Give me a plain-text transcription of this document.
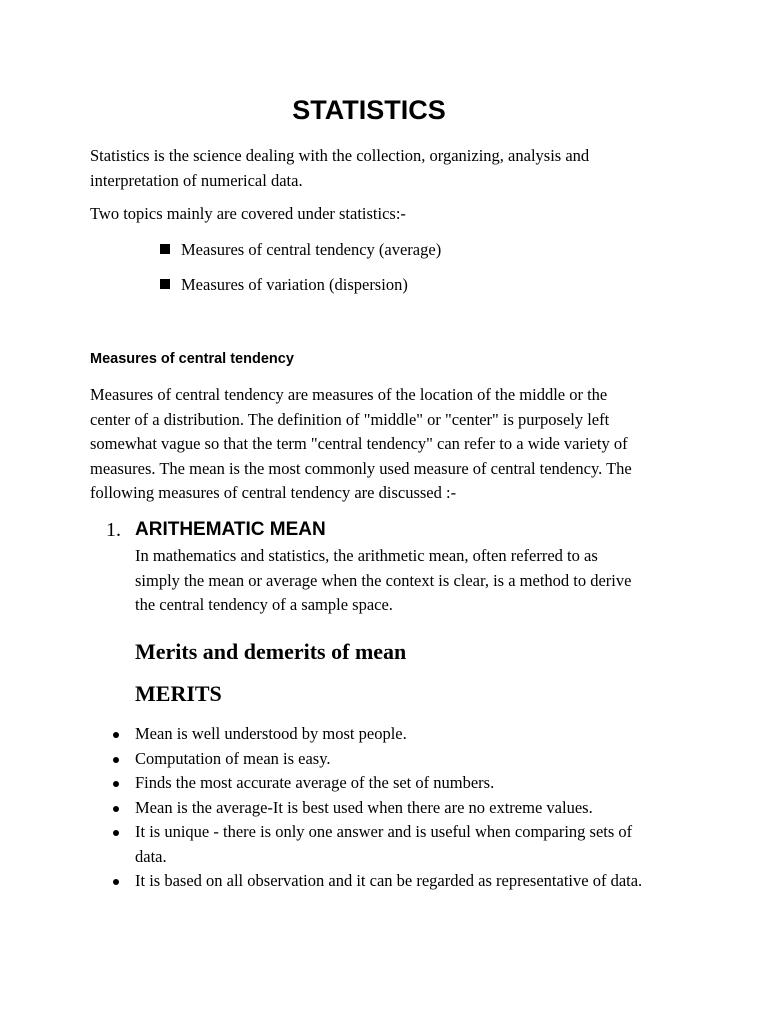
STATISTICS
Statistics is the science dealing with the collection, organizing, analysis and
interpretation of numerical data.

Two topics mainly are covered under statistics:-

Measures of central tendency (average)
Measures of variation (dispersion)
Measures of central tendency
Measures of central tendency are measures of the location of the middle or the
center of a distribution. The definition of "middle" or "center" is purposely left
somewhat vague so that the term "central tendency" can refer to a wide variety of
measures. The mean is the most commonly used measure of central tendency. The
following measures of central tendency are discussed :-
1. ARITHEMATIC MEAN
In mathematics and statistics, the arithmetic mean, often referred to as
simply the mean or average when the context is clear, is a method to derive
the central tendency of a sample space.
Merits and demerits of mean
MERITS
Mean is well understood by most people.
Computation of mean is easy.
Finds the most accurate average of the set of numbers.
Mean is the average-It is best used when there are no extreme values.
It is unique - there is only one answer and is useful when comparing sets of
data.
It is based on all observation and it can be regarded as representative of data.
